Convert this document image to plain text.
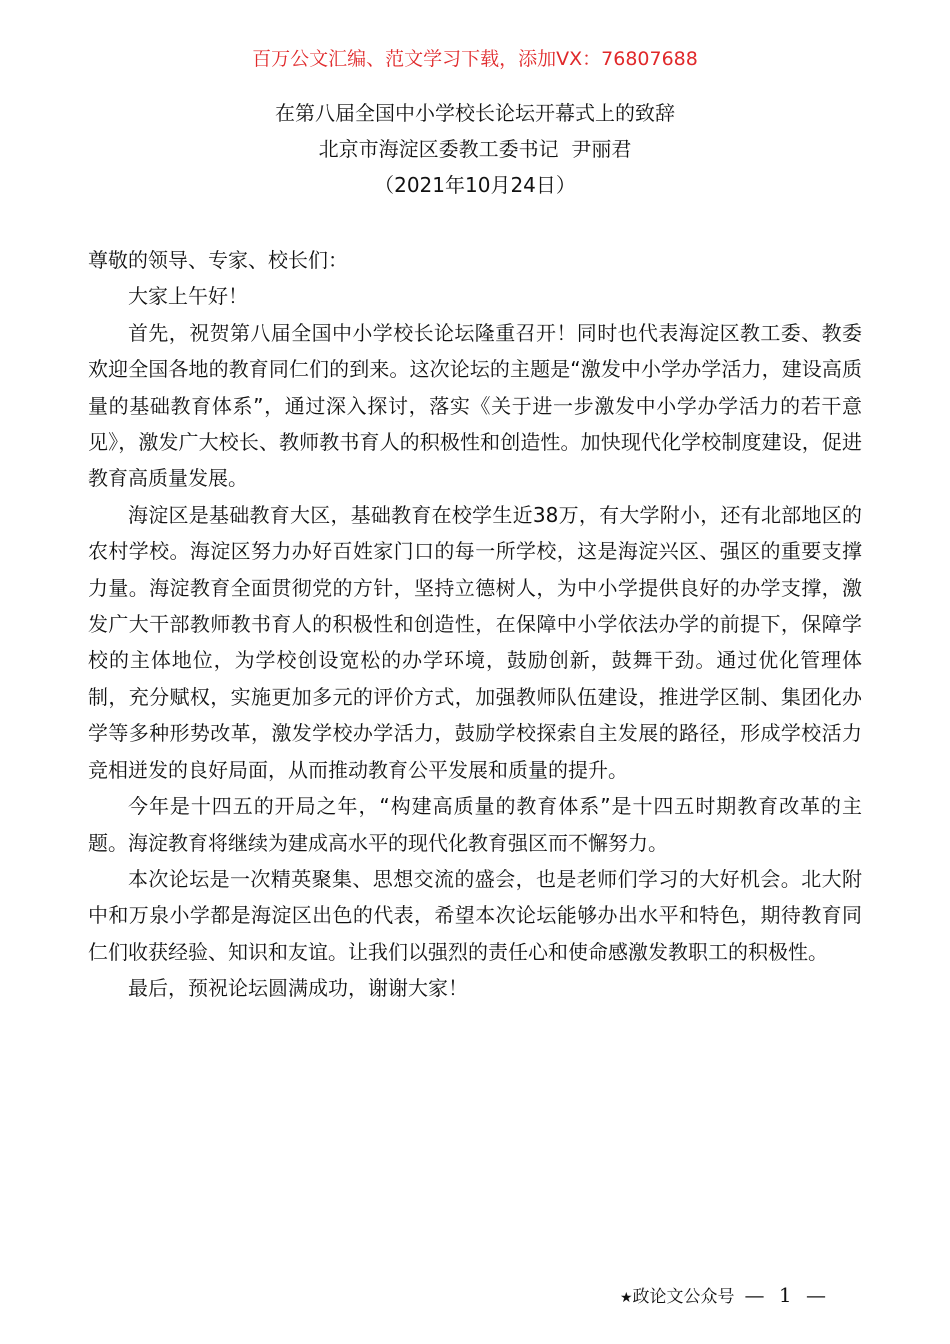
百万公文汇编、范文学习下载，添加VX：76807688
在第八届全国中小学校长论坛开幕式上的致辞
北京市海淀区委教工委书记  尹丽君
（2021年10月24日）

尊敬的领导、专家、校长们：

大家上午好！

首先，祝贺第八届全国中小学校长论坛隆重召开！同时也代表海淀区教工委、教委欢迎全国各地的教育同仁们的到来。这次论坛的主题是“激发中小学办学活力，建设高质量的基础教育体系”，通过深入探讨，落实《关于进一步激发中小学办学活力的若干意见》，激发广大校长、教师教书育人的积极性和创造性。加快现代化学校制度建设，促进教育高质量发展。

海淀区是基础教育大区，基础教育在校学生近38万，有大学附小，还有北部地区的农村学校。海淀区努力办好百姓家门口的每一所学校，这是海淀兴区、强区的重要支撑力量。海淀教育全面贯彻党的方针，坚持立德树人，为中小学提供良好的办学支撑，激发广大干部教师教书育人的积极性和创造性，在保障中小学依法办学的前提下，保障学校的主体地位，为学校创设宽松的办学环境，鼓励创新，鼓舞干劲。通过优化管理体制，充分赋权，实施更加多元的评价方式，加强教师队伍建设，推进学区制、集团化办学等多种形势改革，激发学校办学活力，鼓励学校探索自主发展的路径，形成学校活力竞相迸发的良好局面，从而推动教育公平发展和质量的提升。

今年是十四五的开局之年，“构建高质量的教育体系”是十四五时期教育改革的主题。海淀教育将继续为建成高水平的现代化教育强区而不懈努力。

本次论坛是一次精英聚集、思想交流的盛会，也是老师们学习的大好机会。北大附中和万泉小学都是海淀区出色的代表，希望本次论坛能够办出水平和特色，期待教育同仁们收获经验、知识和友谊。让我们以强烈的责任心和使命感激发教职工的积极性。

最后，预祝论坛圆满成功，谢谢大家！

★政论文公众号 — 1 —
